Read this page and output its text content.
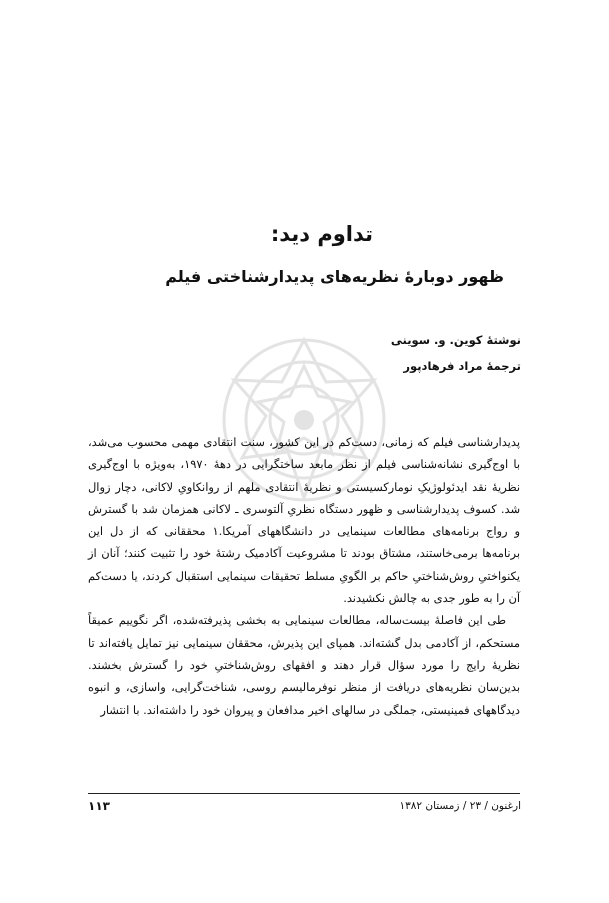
تداوم دید:
ظهور دوبارهٔ نظریه‌های پدیدارشناختی فیلم
نوشتهٔ کوین. و. سوینی
ترجمهٔ مراد فرهادپور

پدیدارشناسی فیلم که زمانی، دست‌کم در این کشور، سنت انتقادی مهمی محسوب می‌شد، با اوج‌گیری نشانه‌شناسی فیلم از نظر مابعد ساختگرایی در دههٔ ۱۹۷۰، به‌ویژه با اوج‌گیری نظریهٔ نقد ایدئولوژیکِ نومارکسیستی و نظریهٔ انتقادی ملهم از روانکاویِ لاکانی، دچار زوال شد. کسوف پدیدارشناسی و ظهور دستگاه نظریِ آلتوسری ـ لاکانی همزمان شد با گسترش و رواج برنامه‌های مطالعات سینمایی در دانشگاههای آمریکا.۱ محققانی که از دل این برنامه‌ها برمی‌خاستند، مشتاق بودند تا مشروعیت آکادمیک رشتهٔ خود را تثبیت کنند؛ آنان از یکنواختیِ روش‌شناختیِ حاکم بر الگویِ مسلط تحقیقات سینمایی استقبال کردند، یا دست‌کم آن را به طور جدی به چالش نکشیدند.

طی این فاصلهٔ بیست‌ساله، مطالعات سینمایی به بخشی پذیرفته‌شده، اگر نگوییم عمیقاً مستحکم، از آکادمی بدل گشته‌اند. همپای این پذیرش، محققان سینمایی نیز تمایل یافته‌اند تا نظریهٔ رایج را مورد سؤال قرار دهند و افقهای روش‌شناختیِ خود را گسترش بخشند. بدین‌سان نظریه‌های دریافت از منظر نوفرمالیسم روسی، شناخت‌گرایی، واسازی، و انبوه دیدگاههای فمینیستی، جملگی در سالهای اخیر مدافعان و پیروان خود را داشته‌اند. با انتشار

ارغنون / ۲۳ / زمستان ۱۳۸۲
۱۱۳
